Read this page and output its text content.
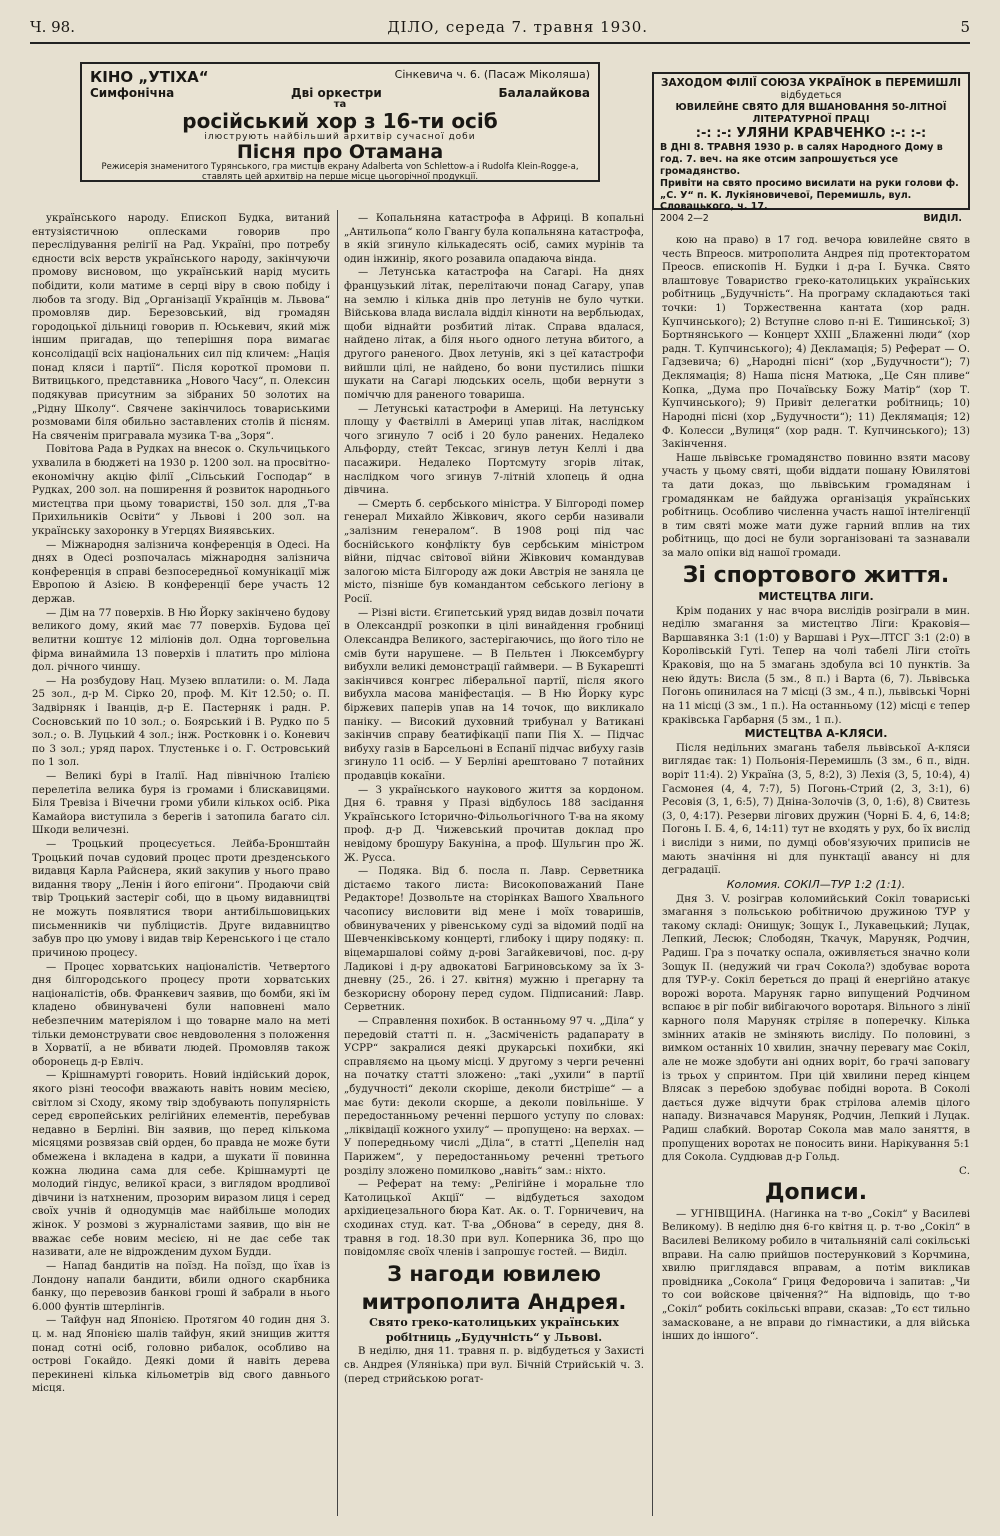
Ч. 98.	ДІЛО, середа 7. травня 1930.	5
КІНО „УТІХА“	Сінкевича ч. 6. (Пасаж Міколяша)
Симфонічна	Дві оркестри	Балалайкова
та
російський хор з 16-ти осіб
ілюструють найбільший архитвір сучасної доби
Пісня про Отамана
Режисерія знаменитого Турянського, гра мистців екрану Adalberta von Schlettow-a і Rudolfa Klein-Rogge-a, ставлять цей архитвір на перше місце цьогорічної продукції.
ЗАХОДОМ ФІЛІЇ СОЮЗА УКРАЇНОК в ПЕРЕМИШЛІ
відбудеться
ЮВИЛЕЙНЕ СВЯТО ДЛЯ ВШАНОВАННЯ 50-ЛІТНОЇ ЛІТЕРАТУРНОЇ ПРАЦІ
:-: :-: УЛЯНИ КРАВЧЕНКО :-: :-:
В ДНІ 8. ТРАВНЯ 1930 р. в салях Народного Дому в год. 7. веч. на яке отсим запрошується усе громадянство.
Привіти на свято просимо висилати на руки голови ф. „С. У“ п. К. Лукіяновичевої, Перемишль, вул. Словацького, ч. 17.
2004 2—2	ВИДІЛ.

українського народу. Епископ Будка, витаний ентузіястичною оплесками говорив про переслідування релігії на Рад. Україні, про потребу єдности всіх верств українського народу, закінчуючи промову висновом, що український нарід мусить побідити, коли матиме в серці віру в свою побіду і любов та згоду. Від „Організації Українців м. Львова“ промовляв дир. Березовський, від громадян городоцької дільниці говорив п. Юськевич, який між іншим пригадав, що теперішня пора вимагає консолідації всіх національних сил під кличем: „Нація понад кляси і партії“. Після короткої промови п. Витвицького, представника „Нового Часу“, п. Олексин подякував присутним за зібраних 50 золотих на „Рідну Школу“. Свячене закінчилось товариськими розмовами біля обильно заставлених столів й пісням. На свяченім пригравала музика Т-ва „Зоря“.

Повітова Рада в Рудках на внесок о. Скульчицького ухвалила в бюджеті на 1930 р. 1200 зол. на просвітно-економічну акцію філії „Сільський Господар“ в Рудках, 200 зол. на поширення й розвиток народнього мистецтва при цьому товаристві, 150 зол. для „Т-ва Прихильників Освіти“ у Львові і 200 зол. на українську захоронку в Угерцях Вияявських.

— Міжнародня залізнича конференція в Одесі. На днях в Одесі розпочалась міжнародня залізнича конференція в справі безпосередньої комунікації між Европою й Азією. В конференції бере участь 12 держав.

— Дім на 77 поверхів. В Ню Йорку закінчено будову великого дому, який має 77 поверхів. Будова цеї велитни коштує 12 міліонів дол. Одна торговельна фірма винаймила 13 поверхів і платить про міліона дол. річного чиншу.

— На розбудову Нац. Музею вплатили: о. М. Лада 25 зол., д-р М. Сірко 20, проф. М. Кіт 12.50; о. П. Задвірняк і Іванців, д-р Е. Пастерняк і радн. Р. Сосновський по 10 зол.; о. Боярський і В. Рудко по 5 зол.; о. В. Луцький 4 зол.; інж. Ростковнк і о. Коневич по 3 зол.; уряд парох. Тлустенькє і о. Г. Островський по 1 зол.

— Великі бурі в Італії. Над північною Італією перелетіла велика буря із громами і блискавицями. Біля Тревіза і Вічечни громи убили кількох осіб. Ріка Камайора виступила з берегів і затопила багато сіл. Шкоди величезні.

— Троцький процесується. Лейба-Бронштайн Троцький почав судовий процес проти дрезденського видавця Карла Райснера, який закупив у нього право видання твору „Ленін і його епігони“. Продаючи свій твір Троцький застеріг собі, що в цьому видавництві не можуть появлятися твори антибільшовицьких письменників чи публіцистів. Друге видавництво забув про цю умову і видав твір Керенського і це стало причиною процесу.

— Процес хорватських націоналістів. Четвертого дня білгородського процесу проти хорватських націоналістів, обв. Франкевич заявив, що бомби, які їм кладено обвинувачені були наповнені мало небезпечним матеріялом і що товарне мало на меті тільки демонструвати своє невдоволення з положення в Хорватії, а не вбивати людей. Промовляв також оборонець д-р Евліч.

— Крішнамурті говорить. Новий індійський дорок, якого різні теософи вважають навіть новим месією, світлом зі Сходу, якому твір здобувають популярність серед європейських релігійних елементів, перебував недавно в Берліні. Він заявив, що перед кількома місяцями розвязав свій орден, бо правда не може бути обмежена і вкладена в кадри, а шукати її повинна кожна людина сама для себе. Крішнамурті це молодий гіндус, великої краси, з виглядом вродливої дівчини із натхненим, прозорим виразом лиця і серед своїх учнів й однодумців має найбільше молодих жінок. У розмові з журналістами заявив, що він не вважає себе новим месією, ні не дає себе так називати, але не відрожденим духом Будди.

— Напад бандитів на поїзд. На поїзд, що їхав із Лондону напали бандити, вбили одного скарбника банку, що перевозив банкові гроші й забрали в нього 6.000 фунтів штерлінгів.

— Тайфун над Японією. Протягом 40 годин дня 3. ц. м. над Японією шалів тайфун, який знищив життя понад сотні осіб, головно рибалок, особливо на острові Гокайдо. Деякі доми й навіть дерева перекинені кілька кільометрів від свого давнього місця.

— Копальняна катастрофа в Африці. В копальні „Антильопа“ коло Гвангу була копальняна катастрофа, в якій згинуло кількадесять осіб, самих мурінів та один інжинір, якого розавила опадаюча вінда.

— Летунська катастрофа на Сагарі. На днях французький літак, перелітаючи понад Сагару, упав на землю і кілька днів про летунів не було чутки. Військова влада вислала відділ кінноти на вербльюдах, щоби віднайти розбитий літак. Справа вдалася, найдено літак, а біля нього одного летуна вбитого, а другого раненого. Двох летунів, які з цеї катастрофи вийшли цілі, не найдено, бо вони пустились пішки шукати на Сагарі людських осель, щоби вернути з поміччю для раненого товариша.

— Летунські катастрофи в Америці. На летунську площу у Фаєтвіллі в Америці упав літак, наслідком чого згинуло 7 осіб і 20 було ранених. Недалеко Альфорду, стейт Тексас, згинув летун Келлі і два пасажири. Недалеко Портсмуту згорів літак, наслідком чого згинув 7-літній хлопець й одна дівчина.

— Смерть б. сербського міністра. У Білгороді помер генерал Михайло Жівкович, якого серби називали „залізним генералом“. В 1908 році під час боснійського конфлікту був сербським міністром війни, підчас світової війни Жівкович командував залогою міста Білгороду аж доки Австрія не заняла це місто, пізніше був командантом себського легіону в Росії.

— Різні вісти. Єгипетський уряд видав дозвіл почати в Олександрії розкопки в цілі винайдення гробниці Олександра Великого, застерігаючись, що його тіло не смів бути нарушене. — В Пельтен і Люксембургу вибухли великі демонстрації гаймвери. — В Букарешті закінчився конгрес ліберальної партії, після якого вибухла масова маніфестація. — В Ню Йорку курс біржевих паперів упав на 14 точок, що викликало паніку. — Високий духовний трибунал у Ватикані закінчив справу беатифікації папи Пія Х. — Підчас вибуху газів в Барсельоні в Еспанії підчас вибуху газів згинуло 11 осіб. — У Берліні арештовано 7 потайних продавців кокаїни.

— З українського наукового життя за кордоном. Дня 6. травня у Празі відбулось 188 засідання Українського Історично-Фільольогічного Т-ва на якому проф. д-р Д. Чижевський прочитав доклад про невідому брошуру Бакуніна, а проф. Шульгин про Ж. Ж. Русса.

— Подяка. Від б. посла п. Лавр. Серветника дістаємо такого листа: Високоповажаний Пане Редакторе! Дозвольте на сторінках Вашого Хвального часопису висловити від мене і моїх товаришів, обвинувачених у рівенському суді за відомий події на Шевченківському концерті, глибоку і щиру подяку: п. віцемаршалові сойму д-рові Загайкевичові, пос. д-ру Ладикові і д-ру адвокатові Багриновському за їх 3-дневну (25., 26. і 27. квітня) мужню і прегарну та безкорисну оборону перед судом. Підписаний: Лавр. Серветник.

— Справлення похибок. В останньому 97 ч. „Діла“ у передовій статті п. н. „Засміченість радапарату в УСРР“ закралися деякі друкарські похибки, які справляємо на цьому місці. У другому з черги реченні на початку статті зложено: „такі „ухили“ в партії „будучності“ деколи скоріше, деколи бистріше“ — а має бути: деколи скорше, а деколи повільніше. У передостанньому реченні першого уступу по словах: „ліквідації кожного ухилу“ — пропущено: на верхах. — У попередньому числі „Діла“, в статті „Цепелін над Парижем“, у передостанньому реченні третього розділу зложено помилково „навіть“ зам.: ніхто.

— Реферат на тему: „Релігійне і моральне тло Католицької Акції“ — відбудеться заходом архідиецезального бюра Кат. Ак. о. Т. Горничевич, на сходинах студ. кат. Т-ва „Обнова“ в середу, дня 8. травня в год. 18.30 при вул. Коперника 36, про що повідомляє своїх членів і запрошує гостей. — Виділ.

З нагоди ювилею митрополита Андрея.

Свято греко-католицьких українських робітниць „Будучність“ у Львові.

В неділю, дня 11. травня п. р. відбудеться у Захисті св. Андрея (Уляніька) при вул. Бічній Стрийській ч. 3. (перед стрийською рогат-

кою на право) в 17 год. вечора ювилейне свято в честь Впреосв. митрополита Андрея під протекторатом Преосв. епископів Н. Будки і д-ра І. Бучка. Свято влаштовує Товариство греко-католицьких українських робітниць „Будучність“. На програму складаються такі точки: 1) Торжественна кантата (хор радн. Купчинського); 2) Вступне слово п-ні Е. Тишинської; 3) Бортнянського — Концерт XXIII „Блаженні люди“ (хор радн. Т. Купчинського); 4) Декламація; 5) Реферат — О. Гадзевича; 6) „Народні пісні“ (хор „Будучности“); 7) Деклямація; 8) Наша пісня Матюка, „Це Сян пливе“ Копка, „Дума про Почаївську Божу Матір“ (хор Т. Купчинського); 9) Привіт делегатки робітниць; 10) Народні пісні (хор „Будучности“); 11) Деклямація; 12) Ф. Колесси „Вулиця“ (хор радн. Т. Купчинського); 13) Закінчення.

Наше львівське громадянство повинно взяти масову участь у цьому святі, щоби віддати пошану Ювилятові та дати доказ, що львівським громадянам і громадянкам не байдужа організація українських робітниць. Особливо численна участь нашої інтелігенції в тим святі може мати дуже гарний вплив на тих робітниць, що досі не були зорганізовані та зазнавали за мало опіки від нашої громади.

Зі спортового життя.

МИСТЕЦТВА ЛІГИ.

Крім поданих у нас вчора вислідів розіграли в мин. неділю змагання за мистецтво Ліги: Краковія—Варшавянка 3:1 (1:0) у Варшаві і Рух—ЛТСГ 3:1 (2:0) в Королівській Гуті. Тепер на чолі табелі Ліги стоїть Краковія, що на 5 змагань здобула всі 10 пунктів. За нею йдуть: Висла (5 зм., 8 п.) і Варта (6, 7). Львівська Погонь опинилася на 7 місці (3 зм., 4 п.), львівські Чорні на 11 місці (3 зм., 1 п.). На останньому (12) місці є тепер краківська Гарбарня (5 зм., 1 п.).

МИСТЕЦТВА А-КЛЯСИ.

Після недільних змагань табеля львівської А-кляси виглядає так: 1) Польонія-Перемишль (3 зм., 6 п., відн. воріт 11:4). 2) Україна (3, 5, 8:2), 3) Лехія (3, 5, 10:4), 4) Гасмонея (4, 4, 7:7), 5) Погонь-Стрий (2, 3, 3:1), 6) Ресовія (3, 1, 6:5), 7) Дніна-Золочів (3, 0, 1:6), 8) Свитезь (3, 0, 4:17). Резерви лігових дружин (Чорні Б. 4, 6, 14:8; Погонь І. Б. 4, 6, 14:11) тут не входять у рух, бо їх вислід і висліди з ними, по думці обов'язуючих приписів не мають значіння ні для пунктації аванcу ні для деградації.

Коломия. СОКІЛ—ТУР 1:2 (1:1).

Дня 3. V. розіграв коломийський Сокіл товариські змагання з польською робітничою дружиною ТУР у такому складі: Онищук; Зощук І., Лукавецький; Луцак, Лепкий, Лесюк; Слободян, Ткачук, Маруняк, Родчин, Радиш. Гра з початку оспала, оживляється значно коли Зощук ІІ. (недужий чи грач Сокола?) здобуває ворота для ТУР-у. Сокіл береться до праці й енергійно атакує ворожі ворота. Маруняк гарно випущений Родчином вспаює в ріг побіг вибігаючого воротаря. Вільного з лінії карного поля Маруняк стріляє в поперечку. Кілька змінних атаків не зміняють висліду. По половині, з вимком останніх 10 хвилин, значну перевагу має Сокіл, але не може здобути ані одних воріт, бо грачі заповагу із трьох у спринтом. При цій хвилини перед кінцем Влясак з перебою здобуває побідні ворота. В Соколі дається дуже відчути брак стрілова алемів цілого нападу. Визначався Маруняк, Родчин, Лепкий і Луцак. Радиш слабкий. Воротар Сокола мав мало заняття, в пропущених воротах не поносить вини. Нарікування 5:1 для Сокола. Суддював д-р Гольд.

С.

Дописи.

— УГНІВЩИНА. (Нагинка на т-во „Сокіл“ у Василеві Великому). В неділю дня 6-го квітня ц. р. т-во „Сокіл“ в Василеві Великому робило в читальняній салі сокільські вправи. На салю прийшов постерунковий з Корчмина, хвилю приглядався вправам, а потім викликав провідника „Сокола“ Гриця Федоровича і запитав: „Чи то сои войскове цвічення?“ На відповідь, що т-во „Сокіл“ робить сокільські вправи, сказав: „То єст тильно замасковане, а не вправи до гімнастики, а для війська інших до іншого“.
